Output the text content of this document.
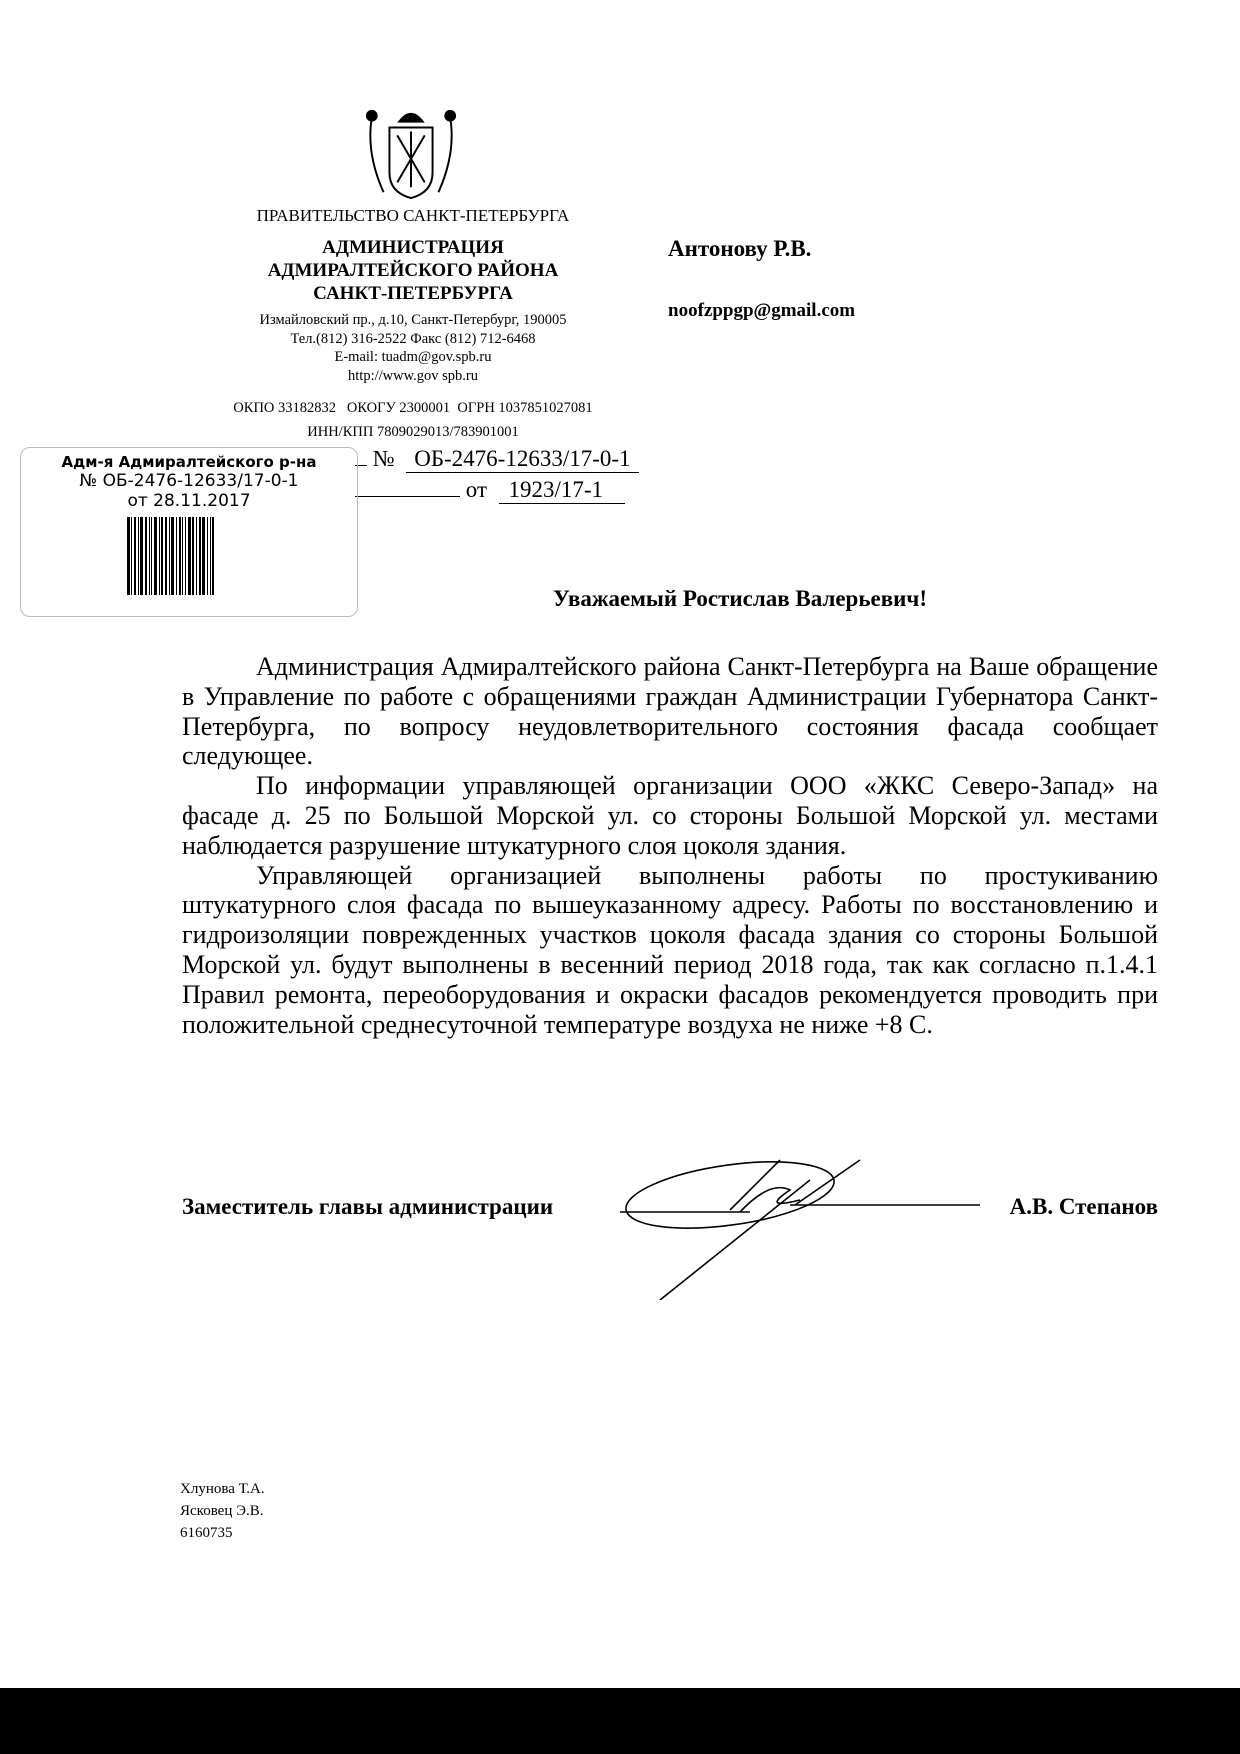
ПРАВИТЕЛЬСТВО САНКТ-ПЕТЕРБУРГА
АДМИНИСТРАЦИЯ
АДМИРАЛТЕЙСКОГО РАЙОНА
САНКТ-ПЕТЕРБУРГА
Измайловский пр., д.10, Санкт-Петербург, 190005
Тел.(812) 316-2522 Факс (812) 712-6468
E-mail: tuadm@gov.spb.ru
http://www.gov spb.ru
ОКПО 33182832   ОКОГУ 2300001  ОГРН 1037851027081
ИНН/КПП 7809029013/783901001
№ ОБ-2476-12633/17-0-1
от 1923/17-1
Адм-я Адмиралтейского р-на
№ ОБ-2476-12633/17-0-1
от 28.11.2017
Антонову Р.В.
noofzppgp@gmail.com
Уважаемый Ростислав Валерьевич!

Администрация Адмиралтейского района Санкт-Петербурга на Ваше обращение в Управление по работе с обращениями граждан Администрации Губернатора Санкт-Петербурга, по вопросу неудовлетворительного состояния фасада сообщает следующее.

По информации управляющей организации ООО «ЖКС Северо-Запад» на фасаде д. 25 по Большой Морской ул. со стороны Большой Морской ул. местами наблюдается разрушение штукатурного слоя цоколя здания.

Управляющей организацией выполнены работы по простукиванию штукатурного слоя фасада по вышеуказанному адресу. Работы по восстановлению и гидроизоляции поврежденных участков цоколя фасада здания со стороны Большой Морской ул. будут выполнены в весенний период 2018 года, так как согласно п.1.4.1 Правил ремонта, переоборудования и окраски фасадов рекомендуется проводить при положительной среднесуточной температуре воздуха не ниже +8 С.

Заместитель главы администрации	А.В. Степанов
Хлунова Т.А.
Ясковец Э.В.
6160735
